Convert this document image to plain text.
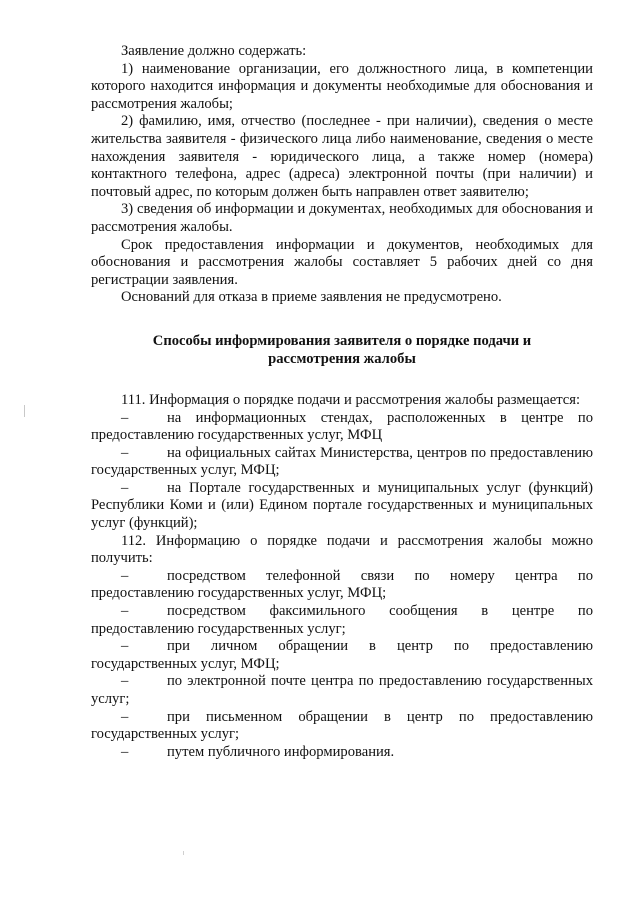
Заявление должно содержать:

1) наименование организации, его должностного лица, в компетенции которого находится информация и документы необходимые для обоснования и рассмотрения жалобы;

2) фамилию, имя, отчество (последнее - при наличии), сведения о месте жительства заявителя - физического лица либо наименование, сведения о месте нахождения заявителя - юридического лица, а также номер (номера) контактного телефона, адрес (адреса) электронной почты (при наличии) и почтовый адрес, по которым должен быть направлен ответ заявителю;

3) сведения об информации и документах, необходимых для обоснования и рассмотрения жалобы.

Срок предоставления информации и документов, необходимых для обоснования и рассмотрения жалобы составляет 5 рабочих дней со дня регистрации заявления.

Оснований для отказа в приеме заявления не предусмотрено.

Способы информирования заявителя о порядке подачи и рассмотрения жалобы

111. Информация о порядке подачи и рассмотрения жалобы размещается:

–	на информационных стендах, расположенных в центре по предоставлению государственных услуг, МФЦ

–	на официальных сайтах Министерства, центров по предоставлению государственных услуг, МФЦ;

–	на Портале государственных и муниципальных услуг (функций) Республики Коми и (или) Едином портале государственных и муниципальных услуг (функций);

112. Информацию о порядке подачи и рассмотрения жалобы можно получить:

–	посредством телефонной связи по номеру центра по предоставлению государственных услуг, МФЦ;

–	посредством факсимильного сообщения в центре по предоставлению государственных услуг;

–	при личном обращении в центр по предоставлению государственных услуг, МФЦ;

–	по электронной почте центра по предоставлению государственных услуг;

–	при письменном обращении в центр по предоставлению государственных услуг;

–	путем публичного информирования.
